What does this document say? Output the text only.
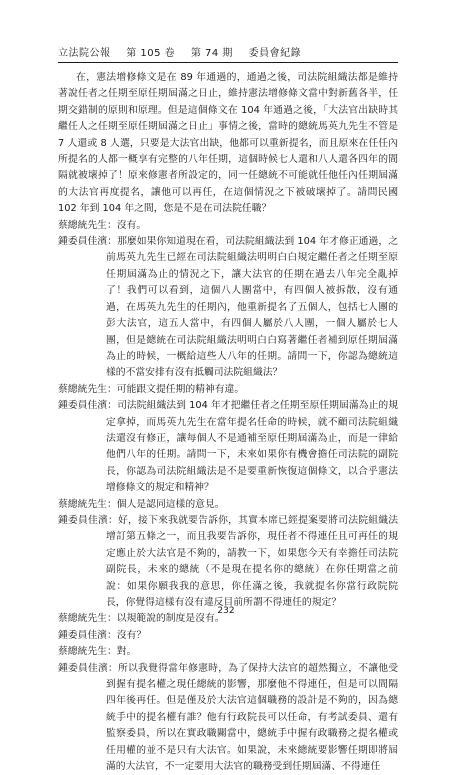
立法院公報 第 105 卷 第 74 期 委員會紀錄

在，憲法增修條文是在 89 年通過的，通過之後，司法院組織法都是維持著說任者之任期至原任期屆滿之日止，維持憲法增修條文當中對新舊各半，任期交錯制的原則和原理。但是這個條文在 104 年通過之後，「大法官出缺時其繼任人之任期至原任期屆滿之日止」事情之後，當時的總統馬英九先生不管是 7 人還或 8 人選，只要是大法官出缺，他都可以重新提名，而且原來在任任內所提名的人都一概享有完整的八年任期，這個時候七人還和八人還各四年的間隔就被壞掉了！原來修憲者所設定的，同一任總統不可能就任他任內任期屆滿的大法官再度提名，讓他可以再任，在這個情況之下被破壞掉了。請問民國 102 年到 104 年之間，您是不是在司法院任職？

蔡總統先生：沒有。

鍾委員佳濱：那麼如果你知道現在看，司法院組織法到 104 年才修正通過，之前馬英九先生已經在司法院組織法明明白白規定繼任者之任期至原任期屆滿為止的情況之下，讓大法官的任期在過去八年完全亂掉了！我們可以看到，這個八人團當中，有四個人被拆散，沒有通過，在馬英九先生的任期內，他重新提名了五個人，包括七人團的彭大法官，這五人當中，有四個人屬於八人團，一個人屬於七人團，但是總統在司法院組織法明明白白寫著繼任者補到原任期屆滿為止的時候，一概給這些人八年的任期。請問一下，你認為總統這樣的不當安排有沒有抵觸司法院組織法？

蔡總統先生：可能跟文提任期的精神有違。

鍾委員佳濱：司法院組織法到 104 年才把繼任者之任期至原任期屆滿為止的規定拿掉，而馬英九先生在當年提名任命的時候，就不顧司法院組織法還沒有修正，讓每個人不是通補至原任期屆滿為止，而是一律給他們八年的任期。請問一下，未來如果你有機會擔任司法院的副院長，你認為司法院組織法是不是要重新恢復這個條文，以合乎憲法增修條文的規定和精神？

蔡總統先生：個人是認同這樣的意見。

鍾委員佳濱：好，接下來我就要告訴你，其實本席已經提案要將司法院組織法增訂第五條之一，而且我要告訴你，現任者不得連任且可再任的規定應止於大法官是不夠的，請教一下，如果您今天有幸擔任司法院副院長，未來的總統（不是現在提名你的總統）在你任期當之前說：如果你願我我的意思，你任滿之後，我就提名你當行政院院長，你覺得這樣有沒有違反目前所謂不得連任的規定？

蔡總統先生：以規範說的制度是沒有。

鍾委員佳濱：沒有？

蔡總統先生：對。

鍾委員佳濱：所以我覺得當年修憲時，為了保持大法官的超然獨立，不讓他受到握有提名權之現任總統的影響，那麼他不得連任，但是可以間隔四年後再任。但是僅及於大法官這個職務的設計是不夠的，因為總統手中的提名權有誰？他有行政院長可以任命，有考試委員、還有監察委員，所以在實政職關當中，總統手中握有政職務之提名權或任用權的並不是只有大法官。如果說，未來總統要影響任期即將屆滿的大法官，不一定要用大法官的職務受到任期屆滿、不得連任

232
